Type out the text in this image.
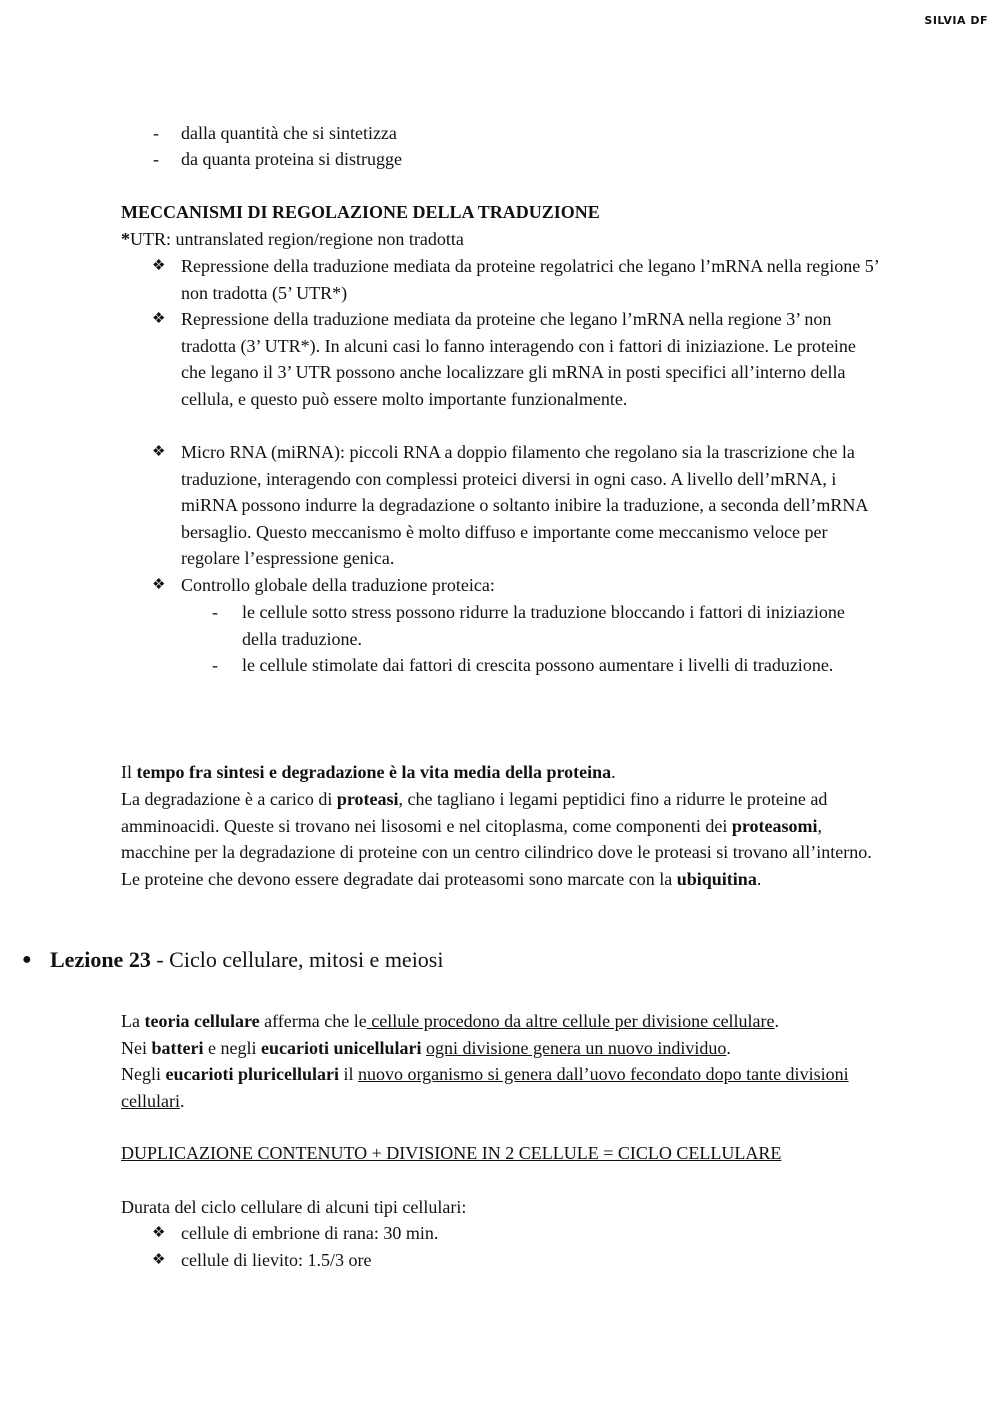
SILVIA DF
- dalla quantità che si sintetizza
- da quanta proteina si distrugge
MECCANISMI DI REGOLAZIONE DELLA TRADUZIONE
*UTR: untranslated region/regione non tradotta
❖ Repressione della traduzione mediata da proteine regolatrici che legano l’mRNA nella regione 5’ non tradotta (5’ UTR*)
❖ Repressione della traduzione mediata da proteine che legano l’mRNA nella regione 3’ non tradotta (3’ UTR*). In alcuni casi lo fanno interagendo con i fattori di iniziazione. Le proteine che legano il 3’ UTR possono anche localizzare gli mRNA in posti specifici all’interno della cellula, e questo può essere molto importante funzionalmente.
❖ Micro RNA (miRNA): piccoli RNA a doppio filamento che regolano sia la trascrizione che la traduzione, interagendo con complessi proteici diversi in ogni caso. A livello dell’mRNA, i miRNA possono indurre la degradazione o soltanto inibire la traduzione, a seconda dell’mRNA bersaglio. Questo meccanismo è molto diffuso e importante come meccanismo veloce per regolare l’espressione genica.
❖ Controllo globale della traduzione proteica:
- le cellule sotto stress possono ridurre la traduzione bloccando i fattori di iniziazione della traduzione.
- le cellule stimolate dai fattori di crescita possono aumentare i livelli di traduzione.
Il tempo fra sintesi e degradazione è la vita media della proteina.
La degradazione è a carico di proteasi, che tagliano i legami peptidici fino a ridurre le proteine ad amminoacidi. Queste si trovano nei lisosomi e nel citoplasma, come componenti dei proteasomi, macchine per la degradazione di proteine con un centro cilindrico dove le proteasi si trovano all’interno. Le proteine che devono essere degradate dai proteasomi sono marcate con la ubiquitina.
● Lezione 23 - Ciclo cellulare, mitosi e meiosi
La teoria cellulare afferma che le cellule procedono da altre cellule per divisione cellulare.
Nei batteri e negli eucarioti unicellulari ogni divisione genera un nuovo individuo.
Negli eucarioti pluricellulari il nuovo organismo si genera dall’uovo fecondato dopo tante divisioni cellulari.
DUPLICAZIONE CONTENUTO + DIVISIONE IN 2 CELLULE = CICLO CELLULARE
Durata del ciclo cellulare di alcuni tipi cellulari:
❖ cellule di embrione di rana: 30 min.
❖ cellule di lievito: 1.5/3 ore
